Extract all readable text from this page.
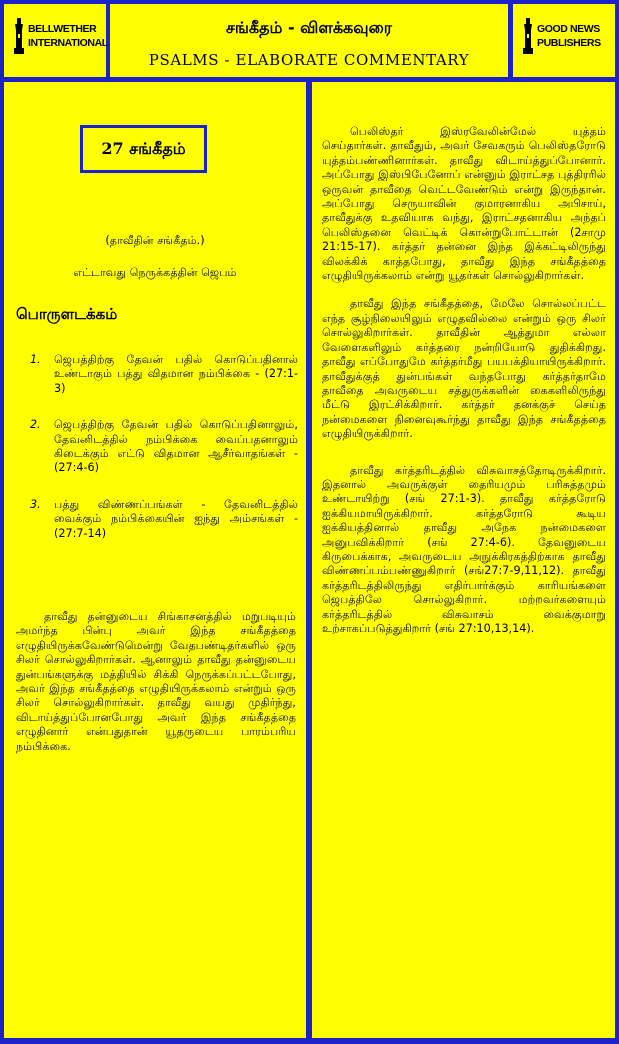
BELLWETHER
INTERNATIONAL
சங்கீதம் - விளக்கவுரை
PSALMS - ELABORATE COMMENTARY
GOOD NEWS
PUBLISHERS
27 சங்கீதம்
(தாவீதின் சங்கீதம்.)
எட்டாவது நெருக்கத்தின் ஜெபம்
பொருளடக்கம்
1. ஜெபத்திற்கு தேவன் பதில் கொடுப்பதினால் உண்டாகும் பத்து விதமான நம்பிக்கை - (27:1-3)
2. ஜெபத்திற்கு தேவன் பதில் கொடுப்பதினாலும், தேவனிடத்தில் நம்பிக்கை வைப்பதனாலும் கிடைக்கும் எட்டு விதமான ஆசீர்வாதங்கள் - (27:4-6)
3. பத்து விண்ணப்பங்கள் - தேவனிடத்தில் வைக்கும் நம்பிக்கையின் ஐந்து அம்சங்கள் - (27:7-14)

தாவீது தன்னுடைய சிங்காசனத்தில் மறுபடியும் அமர்ந்த பின்பு அவர் இந்த சங்கீதத்தை எழுதியிருக்கவேண்டுமென்று வேதபண்டிதர்களில் ஒரு சிலர் சொல்லுகிறார்கள். ஆனாலும் தாவீது தன்னுடைய துன்பங்களுக்கு மத்தியில் சிக்கி நெருக்கப்பட்டபோது, அவர் இந்த சங்கீதத்தை எழுதியிருக்கலாம் என்றும் ஒரு சிலர் சொல்லுகிறார்கள். தாவீது வயது முதிர்ந்து, விடாய்த்துப்போனபோது அவர் இந்த சங்கீதத்தை எழுதினார் என்பதுதான் யூதருடைய பாரம்பரிய நம்பிக்கை.

பெலிஸ்தர் இஸ்ரவேலின்மேல் யுத்தம் செய்தார்கள். தாவீதும், அவர் சேவகரும் பெலிஸ்தரோடு யுத்தம்பண்ணினார்கள். தாவீது விடாய்த்துப்போனார். அப்போது இஸ்பிபேனோப் என்னும் இராட்சத புத்திரரில் ஒருவன் தாவீதை வெட்டவேண்டும் என்று இருந்தான். அப்போது செருயாவின் குமாரனாகிய அபிசாய், தாவீதுக்கு உதவியாக வந்து, இராட்சதனாகிய அந்தப் பெலிஸ்தனை வெட்டிக் கொன்றுபோட்டான் (2சாமு 21:15-17). கர்த்தர் தன்னை இந்த இக்கட்டிலிருந்து விலக்கிக் காத்தபோது, தாவீது இந்த சங்கீதத்தை எழுதியிருக்கலாம் என்று யூதர்கள் சொல்லுகிறார்கள்.

தாவீது இந்த சங்கீதத்தை, மேலே சொல்லப்பட்ட எந்த சூழ்நிலையிலும் எழுதவில்லை என்றும் ஒரு சிலர் சொல்லுகிறார்கள். தாவீதின் ஆத்துமா எல்லா வேளைகளிலும் கர்த்தரை நன்றியோடு துதிக்கிறது. தாவீது எப்போதுமே கர்த்தர்மீது பயபக்தியாயிருக்கிறார். தாவீதுக்குத் துன்பங்கள் வந்தபோது கர்த்தர்தாமே தாவீதை அவருடைய சத்துருக்களின் கைகளிலிருந்து மீட்டு இரட்சிக்கிறார். கர்த்தர் தனக்குச் செய்த நன்மைகளை நினைவுகூர்ந்து தாவீது இந்த சங்கீதத்தை எழுதியிருக்கிறார்.

தாவீது கர்த்தரிடத்தில் விசுவாசத்தோடிருக்கிறார். இதனால் அவருக்குள் தைரியமும் பரிசுத்தமும் உண்டாயிற்று (சங் 27:1-3). தாவீது கர்த்தரோடு ஐக்கியமாயிருக்கிறார். கர்த்தரோடு கூடிய ஐக்கியத்தினால் தாவீது அநேக நன்மைகளை அனுபவிக்கிறார் (சங் 27:4-6). தேவனுடைய கிருபைக்காக, அவருடைய அநுக்கிரகத்திற்காக தாவீது விண்ணப்பம்பண்ணுகிறார் (சங்27:7-9,11,12). தாவீது கர்த்தரிடத்திலிருந்து எதிர்பார்க்கும் காரியங்களை ஜெபத்திலே சொல்லுகிறார். மற்றவர்களையும் கர்த்தரிடத்தில் விசுவாசம் வைக்குமாறு உற்சாகப்படுத்துகிறார் (சங் 27:10,13,14).
